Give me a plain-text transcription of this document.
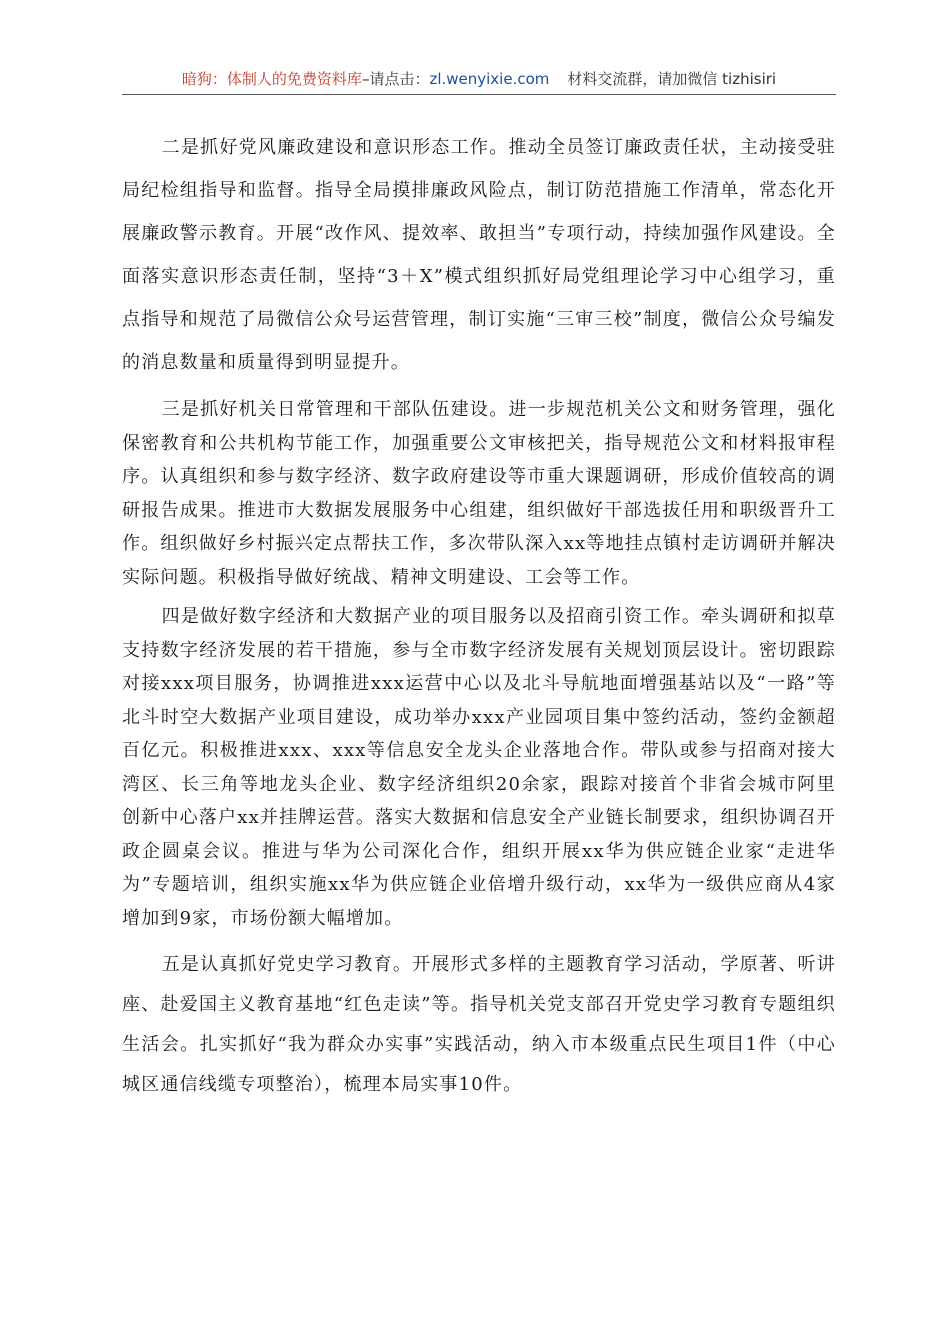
暗狗：体制人的免费资料库–请点击：zl.wenyixie.com 材料交流群，请加微信 tizhisiri

二是抓好党风廉政建设和意识形态工作。推动全员签订廉政责任状，主动接受驻局纪检组指导和监督。指导全局摸排廉政风险点，制订防范措施工作清单，常态化开展廉政警示教育。开展“改作风、提效率、敢担当”专项行动，持续加强作风建设。全面落实意识形态责任制，坚持“3＋X”模式组织抓好局党组理论学习中心组学习，重点指导和规范了局微信公众号运营管理，制订实施“三审三校”制度，微信公众号编发的消息数量和质量得到明显提升。

三是抓好机关日常管理和干部队伍建设。进一步规范机关公文和财务管理，强化保密教育和公共机构节能工作，加强重要公文审核把关，指导规范公文和材料报审程序。认真组织和参与数字经济、数字政府建设等市重大课题调研，形成价值较高的调研报告成果。推进市大数据发展服务中心组建，组织做好干部选拔任用和职级晋升工作。组织做好乡村振兴定点帮扶工作，多次带队深入xx等地挂点镇村走访调研并解决实际问题。积极指导做好统战、精神文明建设、工会等工作。

四是做好数字经济和大数据产业的项目服务以及招商引资工作。牵头调研和拟草支持数字经济发展的若干措施，参与全市数字经济发展有关规划顶层设计。密切跟踪对接xxx项目服务，协调推进xxx运营中心以及北斗导航地面增强基站以及“一路”等北斗时空大数据产业项目建设，成功举办xxx产业园项目集中签约活动，签约金额超百亿元。积极推进xxx、xxx等信息安全龙头企业落地合作。带队或参与招商对接大湾区、长三角等地龙头企业、数字经济组织20余家，跟踪对接首个非省会城市阿里创新中心落户xx并挂牌运营。落实大数据和信息安全产业链长制要求，组织协调召开政企圆桌会议。推进与华为公司深化合作，组织开展xx华为供应链企业家“走进华为”专题培训，组织实施xx华为供应链企业倍增升级行动，xx华为一级供应商从4家增加到9家，市场份额大幅增加。

五是认真抓好党史学习教育。开展形式多样的主题教育学习活动，学原著、听讲座、赴爱国主义教育基地“红色走读”等。指导机关党支部召开党史学习教育专题组织生活会。扎实抓好“我为群众办实事”实践活动，纳入市本级重点民生项目1件（中心城区通信线缆专项整治），梳理本局实事10件。
